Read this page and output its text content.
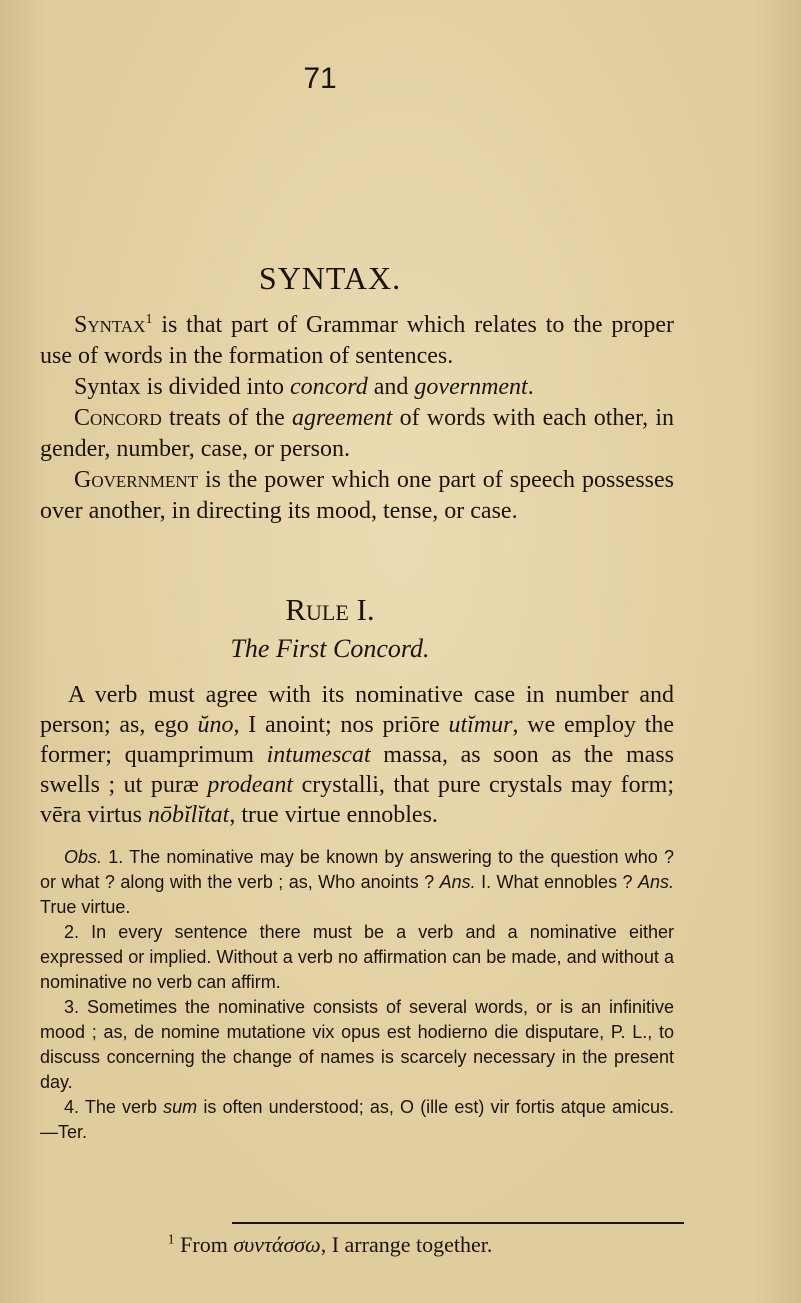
71
SYNTAX.

Syntax$^1$ is that part of Grammar which relates to the proper use of words in the formation of sentences.

Syntax is divided into concord and government.

Concord treats of the agreement of words with each other, in gender, number, case, or person.

Government is the power which one part of speech possesses over another, in directing its mood, tense, or case.

Rule I.
The First Concord.

A verb must agree with its nominative case in number and person; as, ego ŭno, I anoint; nos priōre utĭmur, we employ the former; quamprimum intumescat massa, as soon as the mass swells ; ut puræ prodeant crystalli, that pure crystals may form; vēra virtus nōbĭlĭtat, true virtue ennobles.

Obs. 1. The nominative may be known by answering to the question who ? or what ? along with the verb ; as, Who anoints ? Ans. I. What ennobles ? Ans. True virtue.

2. In every sentence there must be a verb and a nominative either expressed or implied. Without a verb no affirmation can be made, and without a nominative no verb can affirm.

3. Sometimes the nominative consists of several words, or is an infinitive mood ; as, de nomine mutatione vix opus est hodierno die disputare, P. L., to discuss concerning the change of names is scarcely necessary in the present day.

4. The verb sum is often understood; as, O (ille est) vir fortis atque amicus.—Ter.

$^1$ From συντάσσω, I arrange together.
